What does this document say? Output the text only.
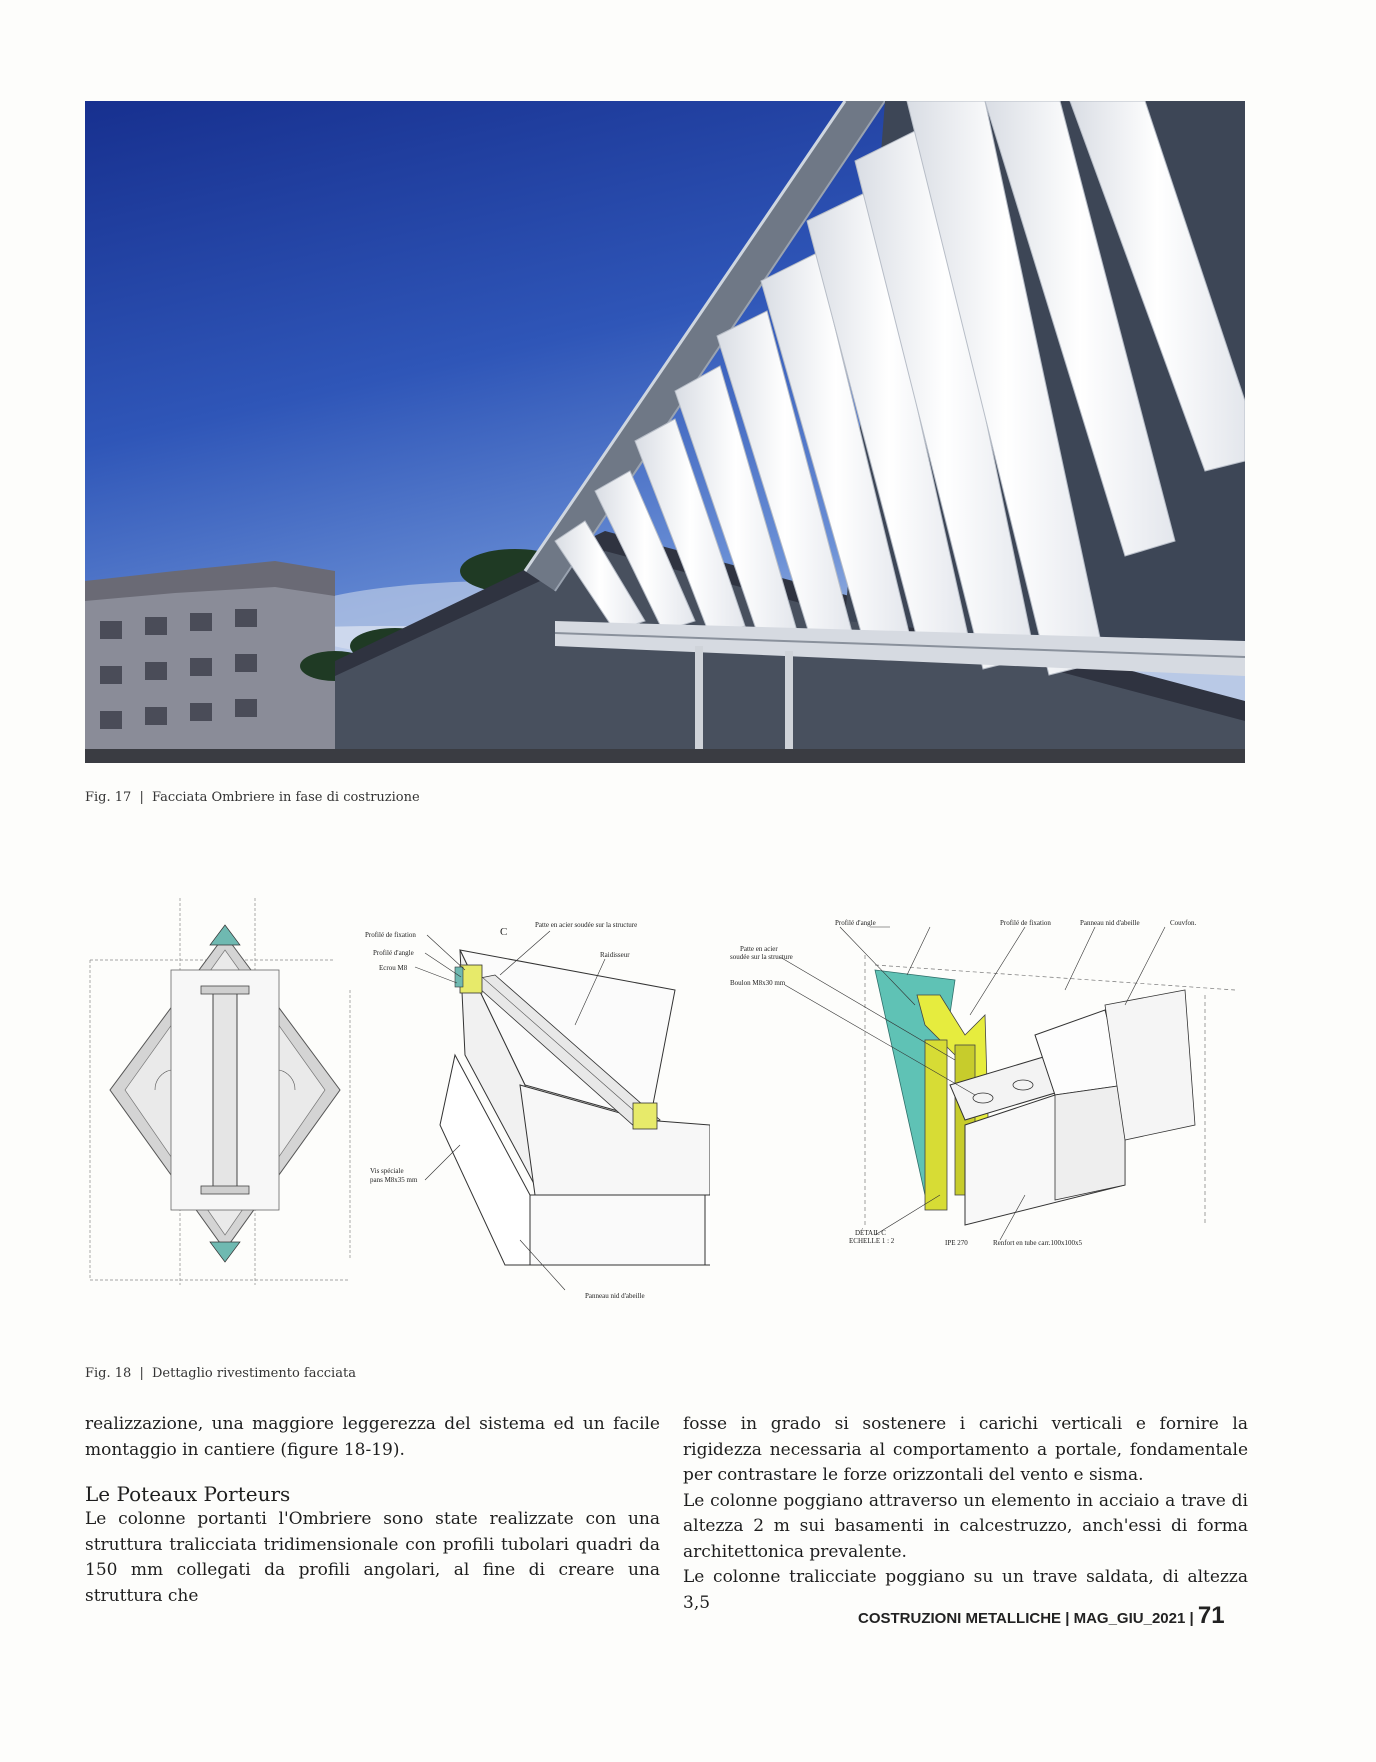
Fig. 17 | Facciata Ombriere in fase di costruzione
Profilé de fixation
Profilé d'angle
Ecrou M8
C
Patte en acier soudée sur la structure
Raidisseur
Vis spéciale
pans M8x35 mm
Panneau nid d'abeille
Profilé d'angle	Profilé de fixation	Panneau nid d'abeille	Couvfon.
Patte en acier
soudée sur la structure
Boulon M8x30 mm
DÉTAIL C
ECHELLE 1 : 2	IPE 270	Renfort en tube carr.100x100x5
Fig. 18 | Dettaglio rivestimento facciata

realizzazione, una maggiore leggerezza del sistema ed un facile montaggio in cantiere (figure 18-19).

Le Poteaux Porteurs

Le colonne portanti l'Ombriere sono state realizzate con una struttura tralicciata tridimensionale con profili tubolari quadri da 150 mm collegati da profili angolari, al fine di creare una struttura che

fosse in grado si sostenere i carichi verticali e fornire la rigidezza necessaria al comportamento a portale, fondamentale per contrastare le forze orizzontali del vento e sisma.

Le colonne poggiano attraverso un elemento in acciaio a trave di altezza 2 m sui basamenti in calcestruzzo, anch'essi di forma architettonica prevalente.

Le colonne tralicciate poggiano su un trave saldata, di altezza 3,5

COSTRUZIONI METALLICHE | MAG_GIU_2021 | 71
